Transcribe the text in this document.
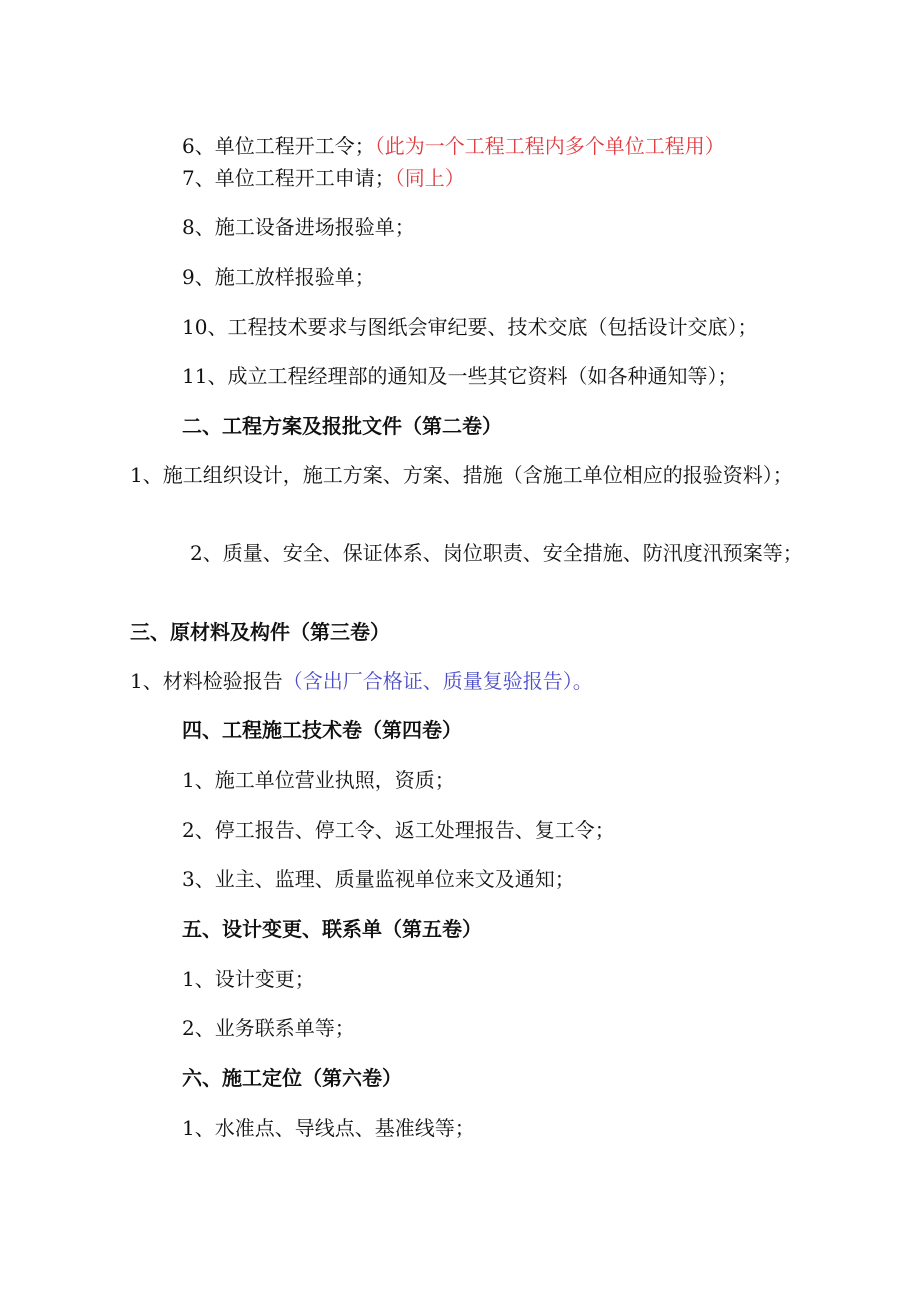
6、单位工程开工令；（此为一个工程工程内多个单位工程用）
7、单位工程开工申请；（同上）
8、施工设备进场报验单；
9、施工放样报验单；
10、工程技术要求与图纸会审纪要、技术交底（包括设计交底）；
11、成立工程经理部的通知及一些其它资料（如各种通知等）；
二、工程方案及报批文件（第二卷）
1、施工组织设计，施工方案、方案、措施（含施工单位相应的报验资料）；
2、质量、安全、保证体系、岗位职责、安全措施、防汛度汛预案等；
三、原材料及构件（第三卷）
1、材料检验报告（含出厂合格证、质量复验报告）。
四、工程施工技术卷（第四卷）
1、施工单位营业执照，资质；
2、停工报告、停工令、返工处理报告、复工令；
3、业主、监理、质量监视单位来文及通知；
五、设计变更、联系单（第五卷）
1、设计变更；
2、业务联系单等；
六、施工定位（第六卷）
1、水准点、导线点、基准线等；
